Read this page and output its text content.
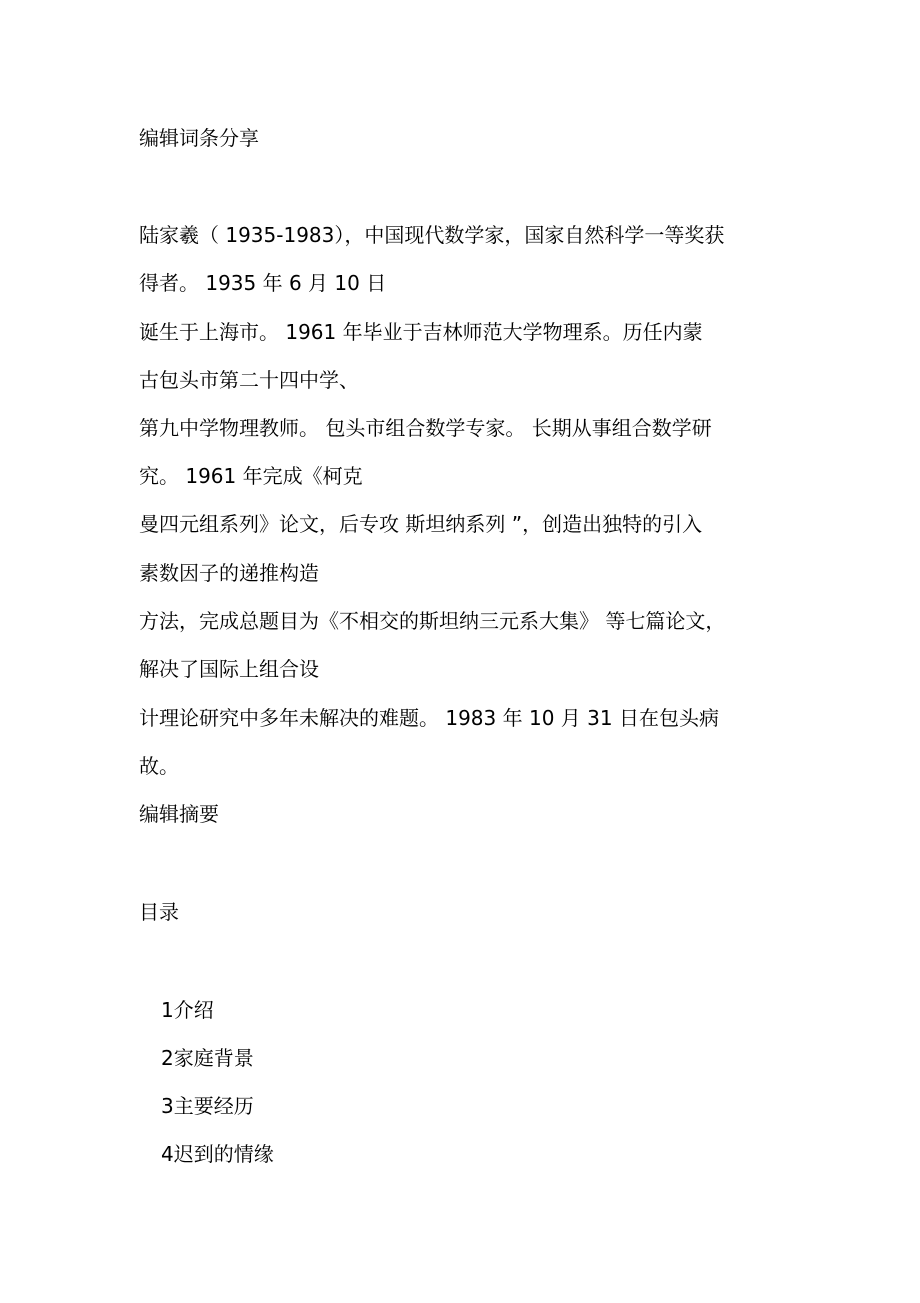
编辑词条分享
陆家羲（ 1935-1983），中国现代数学家，国家自然科学一等奖获
得者。 1935 年 6 月 10 日
诞生于上海市。 1961 年毕业于吉林师范大学物理系。历任内蒙
古包头市第二十四中学、
第九中学物理教师。 包头市组合数学专家。 长期从事组合数学研
究。 1961 年完成《柯克
曼四元组系列》论文，后专攻 斯坦纳系列 ”，创造出独特的引入
素数因子的递推构造
方法，完成总题目为《不相交的斯坦纳三元系大集》 等七篇论文，
解决了国际上组合设
计理论研究中多年未解决的难题。 1983 年 10 月 31 日在包头病
故。
编辑摘要
目录
1介绍
2家庭背景
3主要经历
4迟到的情缘
